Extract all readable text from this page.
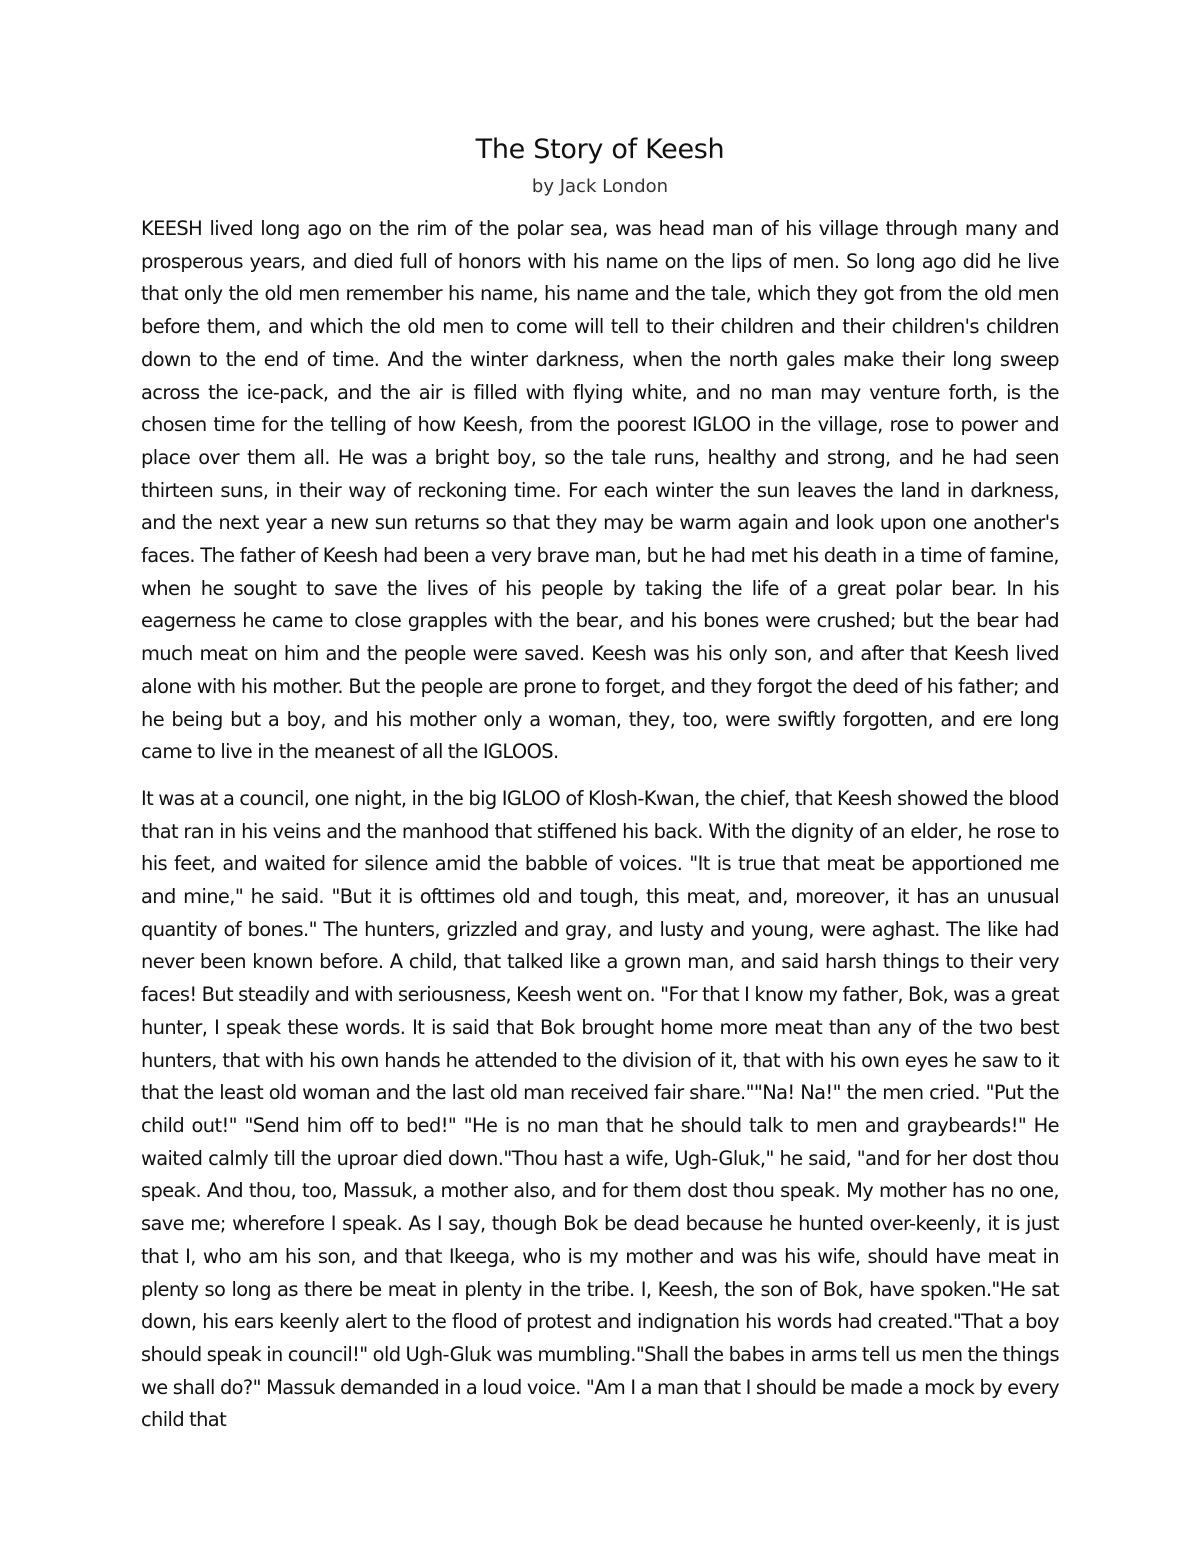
The Story of Keesh
by Jack London

KEESH lived long ago on the rim of the polar sea, was head man of his village through many and prosperous years, and died full of honors with his name on the lips of men. So long ago did he live that only the old men remember his name, his name and the tale, which they got from the old men before them, and which the old men to come will tell to their children and their children's children down to the end of time. And the winter darkness, when the north gales make their long sweep across the ice-pack, and the air is filled with flying white, and no man may venture forth, is the chosen time for the telling of how Keesh, from the poorest IGLOO in the village, rose to power and place over them all. He was a bright boy, so the tale runs, healthy and strong, and he had seen thirteen suns, in their way of reckoning time. For each winter the sun leaves the land in darkness, and the next year a new sun returns so that they may be warm again and look upon one another's faces. The father of Keesh had been a very brave man, but he had met his death in a time of famine, when he sought to save the lives of his people by taking the life of a great polar bear. In his eagerness he came to close grapples with the bear, and his bones were crushed; but the bear had much meat on him and the people were saved. Keesh was his only son, and after that Keesh lived alone with his mother. But the people are prone to forget, and they forgot the deed of his father; and he being but a boy, and his mother only a woman, they, too, were swiftly forgotten, and ere long came to live in the meanest of all the IGLOOS.

It was at a council, one night, in the big IGLOO of Klosh-Kwan, the chief, that Keesh showed the blood that ran in his veins and the manhood that stiffened his back. With the dignity of an elder, he rose to his feet, and waited for silence amid the babble of voices. "It is true that meat be apportioned me and mine," he said. "But it is ofttimes old and tough, this meat, and, moreover, it has an unusual quantity of bones." The hunters, grizzled and gray, and lusty and young, were aghast. The like had never been known before. A child, that talked like a grown man, and said harsh things to their very faces! But steadily and with seriousness, Keesh went on. "For that I know my father, Bok, was a great hunter, I speak these words. It is said that Bok brought home more meat than any of the two best hunters, that with his own hands he attended to the division of it, that with his own eyes he saw to it that the least old woman and the last old man received fair share.""Na! Na!" the men cried. "Put the child out!" "Send him off to bed!" "He is no man that he should talk to men and graybeards!" He waited calmly till the uproar died down."Thou hast a wife, Ugh-Gluk," he said, "and for her dost thou speak. And thou, too, Massuk, a mother also, and for them dost thou speak. My mother has no one, save me; wherefore I speak. As I say, though Bok be dead because he hunted over-keenly, it is just that I, who am his son, and that Ikeega, who is my mother and was his wife, should have meat in plenty so long as there be meat in plenty in the tribe. I, Keesh, the son of Bok, have spoken."He sat down, his ears keenly alert to the flood of protest and indignation his words had created."That a boy should speak in council!" old Ugh-Gluk was mumbling."Shall the babes in arms tell us men the things we shall do?" Massuk demanded in a loud voice. "Am I a man that I should be made a mock by every child that
